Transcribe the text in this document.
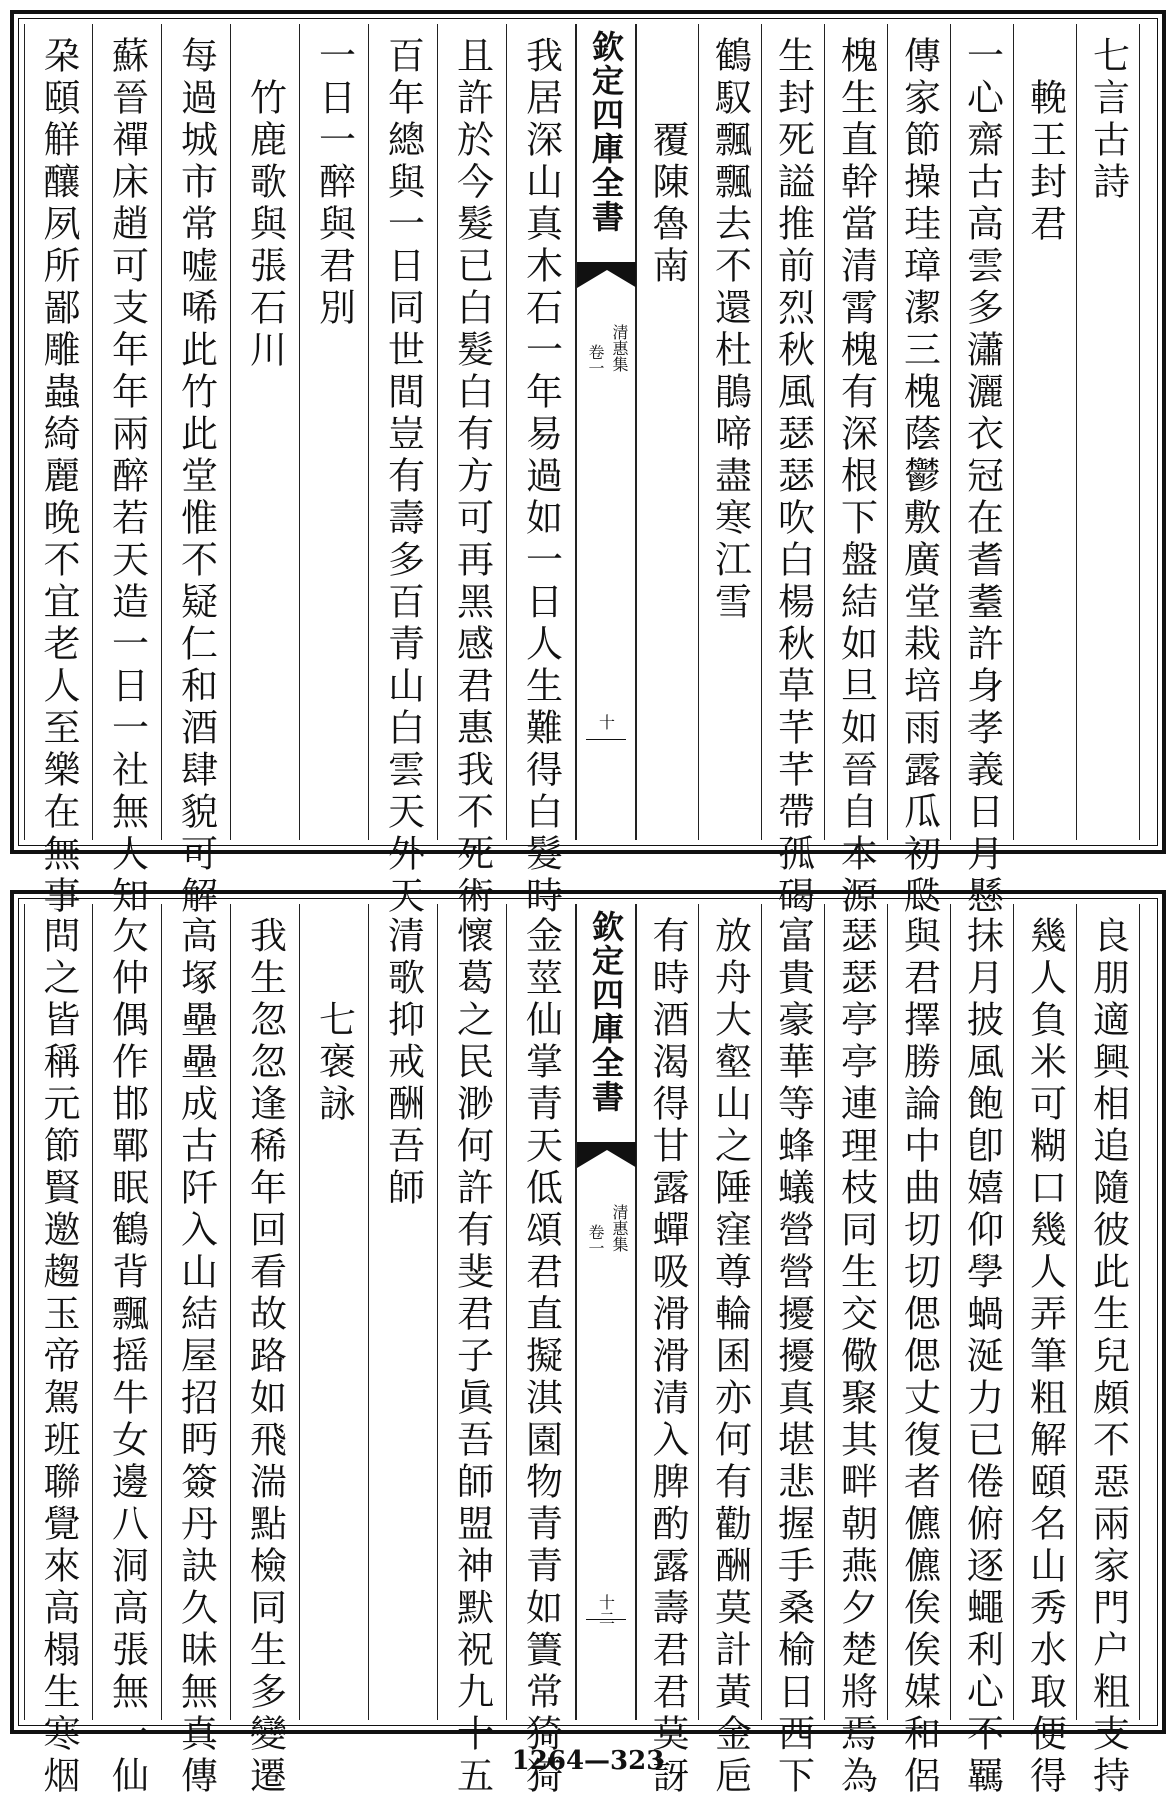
我居深山真木石一年易過如一日人生難得白髮時
且許於今髮已白髮白有方可再黑感君惠我不死術
百年總與一日同世間豈有壽多百青山白雲天外天
一日一醉與君別
　竹鹿歌與張石川
每過城市常嘘唏此竹此堂惟不疑仁和酒肆貌可解
蘇晉禪床趙可支年年兩醉若天造一日一社無人知
朶頤觧釀夙所鄙雕蟲綺麗晚不宜老人至樂在無事	欽定四庫全書
清惠集
卷一
十
七言古詩
　輓王封君
一心齋古高雲多瀟灑衣冠在耆耋許身孝義日月懸
傳家節操珪璋潔三槐蔭鬱敷廣堂栽培雨露瓜初瓞
槐生直幹當清霄槐有深根下盤結如旦如晉自本源
生封死謚推前烈秋風瑟瑟吹白楊秋草芊芊帶孤碣
鶴馭飄飄去不還杜鵑啼盡寒江雪
　　覆陳魯南
金莖仙掌青天低頌君直擬淇園物青青如簀常猗猗
懷葛之民渺何許有斐君子眞吾師盟神默祝九十五
清歌抑戒酬吾師
　　七褒詠
我生忽忽逢稀年回看故路如飛湍點檢同生多變遷
高塚壘壘成古阡入山結屋招眄簽丹訣久昧無真傳
欠仲偶作邯鄲眠鶴背飄摇牛女邊八洞高張無一仙
問之皆稱元節賢邀趨玉帝駕班聯覺來高榻生寒烟	欽定四庫全書
清惠集
卷一
十二	良朋適興相追隨彼此生兒頗不惡兩家門户粗支持
幾人負米可糊口幾人弄筆粗解頤名山秀水取便得
抹月披風飽卽嬉仰學蝸涎力已倦俯逐蠅利心不羈
與君擇勝論中曲切切偲偲丈復者儦儦俟俟媒和侶
瑟瑟亭亭連理枝同生交儆聚其畔朝燕夕楚將焉為
富貴豪華等蜂蟻營營擾擾真堪悲握手桑榆日西下
放舟大壑山之陲窪尊輪囷亦何有勸酬莫計黃金巵
有時酒渴得甘露蟬吸滑滑清入脾酌露壽君君莫訝
1264—323
